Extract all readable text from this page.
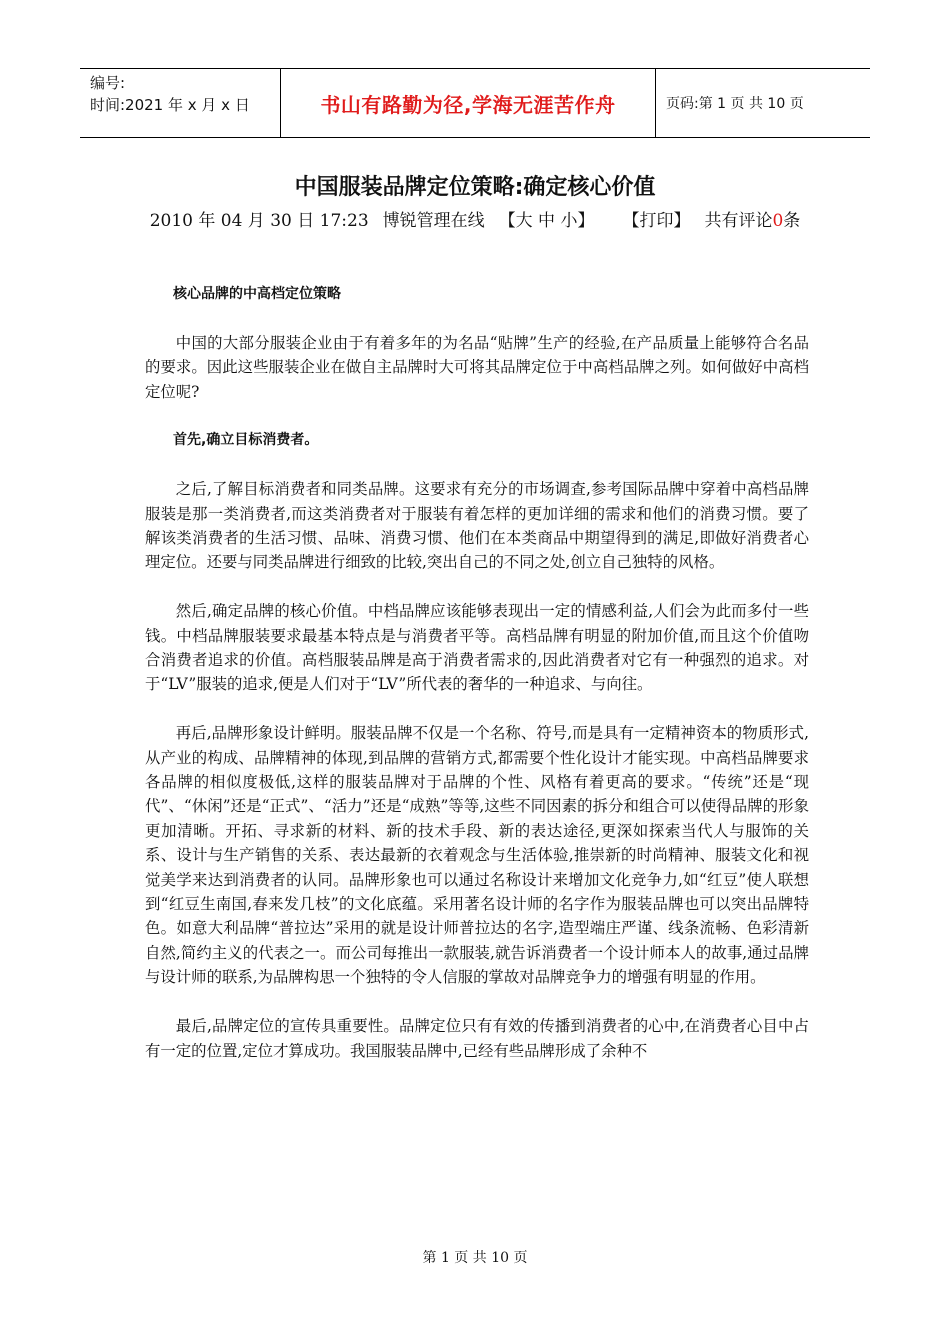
编号:
时间:2021 年 x 月 x 日	书山有路勤为径,学海无涯苦作舟	页码:第 1 页 共 10 页
中国服装品牌定位策略:确定核心价值
2010 年 04 月 30 日 17:23 博锐管理在线 【大 中 小】 【打印】 共有评论0条

核心品牌的中高档定位策略

中国的大部分服装企业由于有着多年的为名品“贴牌”生产的经验,在产品质量上能够符合名品的要求。因此这些服装企业在做自主品牌时大可将其品牌定位于中高档品牌之列。如何做好中高档定位呢?

首先,确立目标消费者。

之后,了解目标消费者和同类品牌。这要求有充分的市场调查,参考国际品牌中穿着中高档品牌服装是那一类消费者,而这类消费者对于服装有着怎样的更加详细的需求和他们的消费习惯。要了解该类消费者的生活习惯、品味、消费习惯、他们在本类商品中期望得到的满足,即做好消费者心理定位。还要与同类品牌进行细致的比较,突出自己的不同之处,创立自己独特的风格。

然后,确定品牌的核心价值。中档品牌应该能够表现出一定的情感利益,人们会为此而多付一些钱。中档品牌服装要求最基本特点是与消费者平等。高档品牌有明显的附加价值,而且这个价值吻合消费者追求的价值。高档服装品牌是高于消费者需求的,因此消费者对它有一种强烈的追求。对于“LV”服装的追求,便是人们对于“LV”所代表的奢华的一种追求、与向往。

再后,品牌形象设计鲜明。服装品牌不仅是一个名称、符号,而是具有一定精神资本的物质形式,从产业的构成、品牌精神的体现,到品牌的营销方式,都需要个性化设计才能实现。中高档品牌要求各品牌的相似度极低,这样的服装品牌对于品牌的个性、风格有着更高的要求。“传统”还是“现代”、“休闲”还是“正式”、“活力”还是“成熟”等等,这些不同因素的拆分和组合可以使得品牌的形象更加清晰。开拓、寻求新的材料、新的技术手段、新的表达途径,更深如探索当代人与服饰的关系、设计与生产销售的关系、表达最新的衣着观念与生活体验,推崇新的时尚精神、服装文化和视觉美学来达到消费者的认同。品牌形象也可以通过名称设计来增加文化竞争力,如“红豆”使人联想到“红豆生南国,春来发几枝”的文化底蕴。采用著名设计师的名字作为服装品牌也可以突出品牌特色。如意大利品牌“普拉达”采用的就是设计师普拉达的名字,造型端庄严谨、线条流畅、色彩清新自然,简约主义的代表之一。而公司每推出一款服装,就告诉消费者一个设计师本人的故事,通过品牌与设计师的联系,为品牌构思一个独特的令人信服的掌故对品牌竞争力的增强有明显的作用。

最后,品牌定位的宣传具重要性。品牌定位只有有效的传播到消费者的心中,在消费者心目中占有一定的位置,定位才算成功。我国服装品牌中,已经有些品牌形成了余种不

第 1 页 共 10 页
